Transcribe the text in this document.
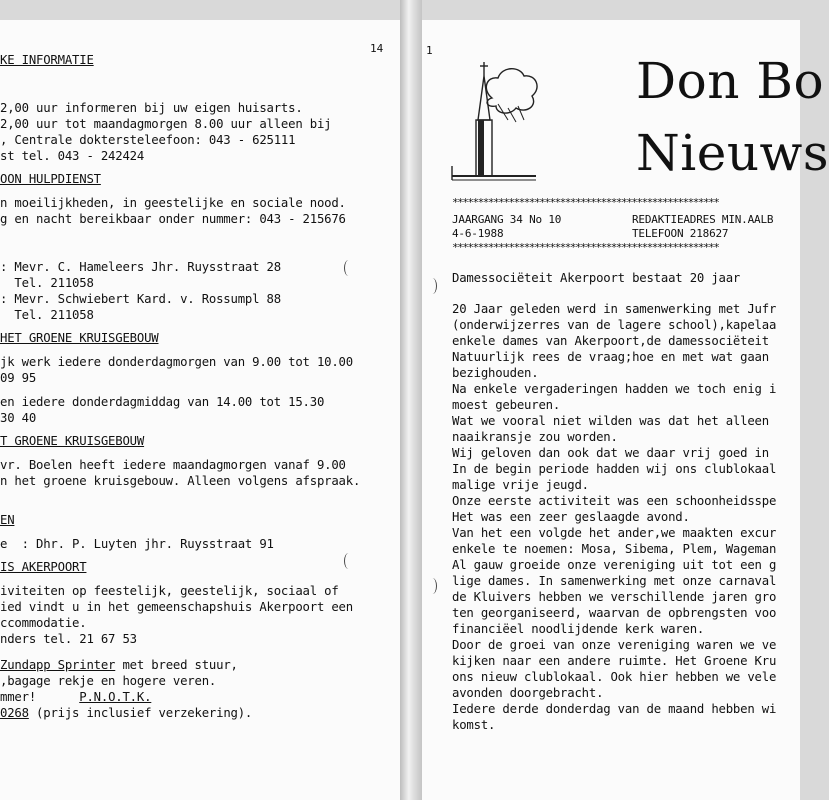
14
KE INFORMATIE
2,00 uur informeren bij uw eigen huisarts.
2,00 uur tot maandagmorgen 8.00 uur alleen bij
, Centrale doktersteleefoon: 043 - 625111
st tel. 043 - 242424
OON HULPDIENST
n moeilijkheden, in geestelijke en sociale nood.
g en nacht bereikbaar onder nummer: 043 - 215676
: Mevr. C. Hameleers Jhr. Ruysstraat 28
Tel. 211058
: Mevr. Schwiebert Kard. v. Rossumpl 88
Tel. 211058
HET GROENE KRUISGEBOUW
jk werk iedere donderdagmorgen van 9.00 tot 10.00
09 95
en iedere donderdagmiddag van 14.00 tot 15.30
30 40
T GROENE KRUISGEBOUW
vr. Boelen heeft iedere maandagmorgen vanaf 9.00
n het groene kruisgebouw. Alleen volgens afspraak.
EN
e  : Dhr. P. Luyten jhr. Ruysstraat 91
IS AKERPOORT
iviteiten op feestelijk, geestelijk, sociaal of
ied vindt u in het gemeenschapshuis Akerpoort een
ccommodatie.
nders tel. 21 67 53
Zundapp Sprinter met breed stuur,
,bagage rekje en hogere veren.
mmer!      P.N.O.T.K.
0268 (prijs inclusief verzekering).
1
Don Bo
Nieuws
****************************************************
JAARGANG 34 No 10	REDAKTIEADRES MIN.AALB
4-6-1988	TELEFOON 218627
****************************************************
Damessociëteit Akerpoort bestaat 20 jaar
20 Jaar geleden werd in samenwerking met Jufr
(onderwijzerres van de lagere school),kapelaa
enkele dames van Akerpoort,de damessociëteit
Natuurlijk rees de vraag;hoe en met wat gaan
bezighouden.
Na enkele vergaderingen hadden we toch enig i
moest gebeuren.
Wat we vooral niet wilden was dat het alleen
naaikransje zou worden.
Wij geloven dan ook dat we daar vrij goed in
In de begin periode hadden wij ons clublokaal
malige vrije jeugd.
Onze eerste activiteit was een schoonheidsspe
Het was een zeer geslaagde avond.
Van het een volgde het ander,we maakten excur
enkele te noemen: Mosa, Sibema, Plem, Wageman
Al gauw groeide onze vereniging uit tot een g
lige dames. In samenwerking met onze carnaval
de Kluivers hebben we verschillende jaren gro
ten georganiseerd, waarvan de opbrengsten voo
financiëel noodlijdende kerk waren.
Door de groei van onze vereniging waren we ve
kijken naar een andere ruimte. Het Groene Kru
ons nieuw clublokaal. Ook hier hebben we vele
avonden doorgebracht.
Iedere derde donderdag van de maand hebben wi
komst.
